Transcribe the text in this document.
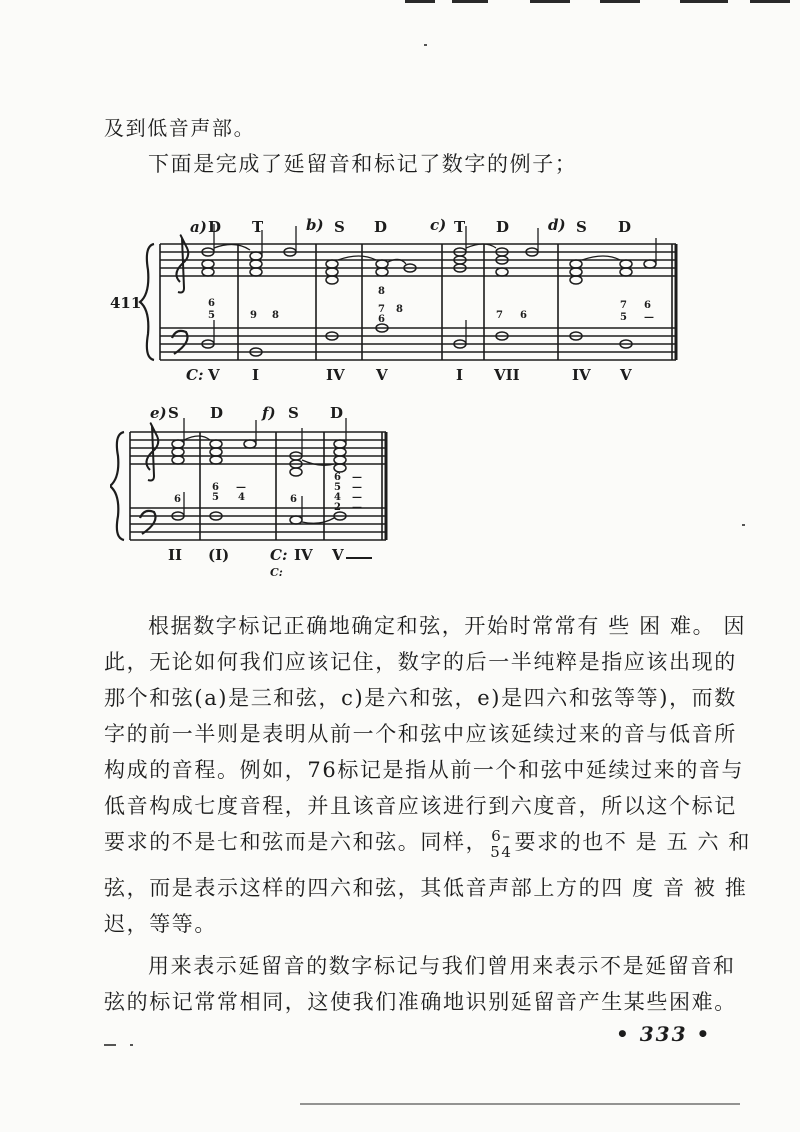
及到低音声部。
下面是完成了延留音和标记了数字的例子；
411
a) D T	b) S D	c) T D	d) S D
6
5	9 8
8
7 8
6	7 6
7
5
6
—
C: V I	IV V	I VII	IV V
e) S D	f) S D
6
6
5
—
4	6
6 —
5 —
4 —
2 —
II (I)	C: IV V
C:
根据数字标记正确地确定和弦，开始时常常有 些 困 难。 因
此，无论如何我们应该记住，数字的后一半纯粹是指应该出现的
那个和弦(a)是三和弦，c)是六和弦，e)是四六和弦等等)，而数
字的前一半则是表明从前一个和弦中应该延续过来的音与低音所
构成的音程。例如，76标记是指从前一个和弦中延续过来的音与
低音构成七度音程，并且该音应该进行到六度音，所以这个标记
要求的不是七和弦而是六和弦。同样， 6–
54 要求的也不 是 五 六 和
弦，而是表示这样的四六和弦，其低音声部上方的四 度 音 被 推
迟，等等。
用来表示延留音的数字标记与我们曾用来表示不是延留音和
弦的标记常常相同，这使我们准确地识别延留音产生某些困难。
• 333 •
